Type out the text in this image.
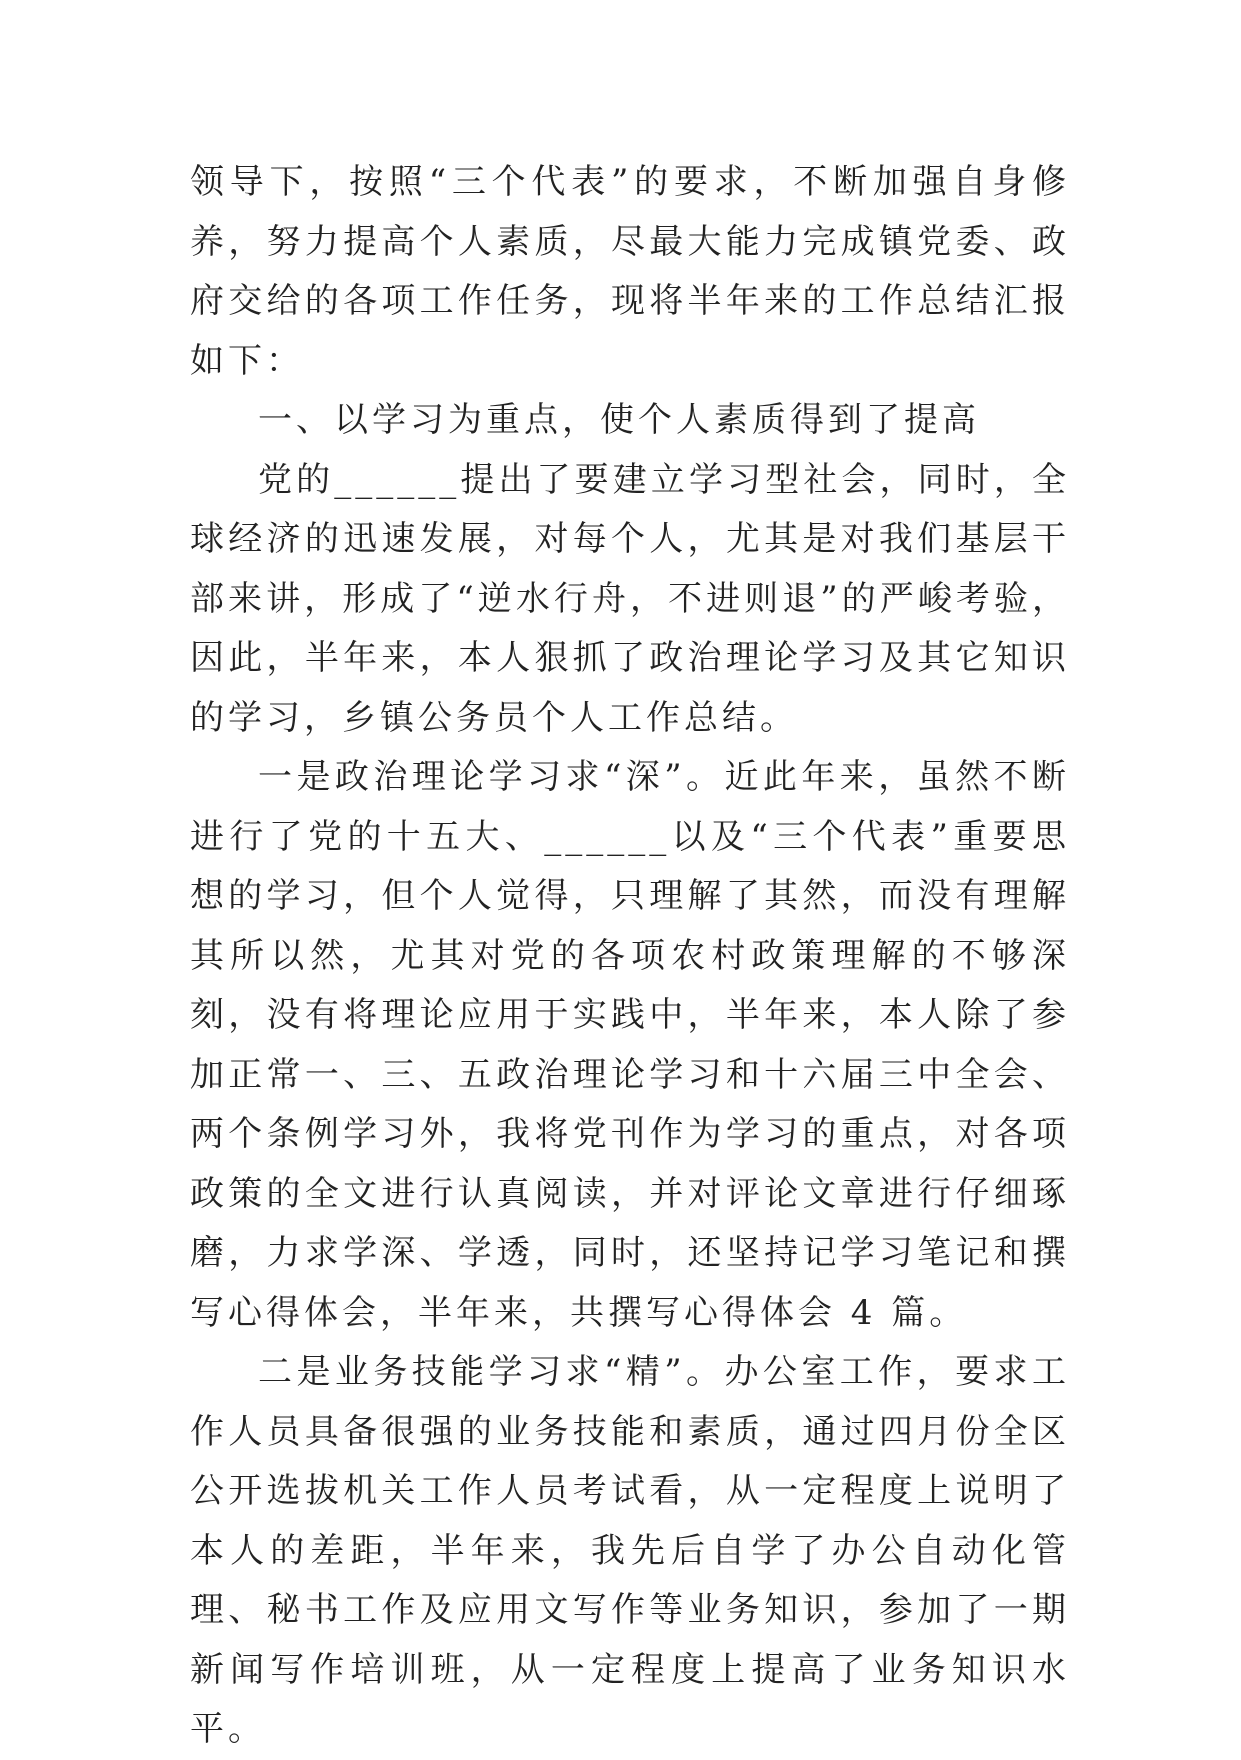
领导下，按照“三个代表”的要求，不断加强自身修养，努力提高个人素质，尽最大能力完成镇党委、政府交给的各项工作任务，现将半年来的工作总结汇报如下：

一、以学习为重点，使个人素质得到了提高

党的______提出了要建立学习型社会，同时，全球经济的迅速发展，对每个人，尤其是对我们基层干部来讲，形成了“逆水行舟，不进则退”的严峻考验，因此，半年来，本人狠抓了政治理论学习及其它知识的学习，乡镇公务员个人工作总结。

一是政治理论学习求“深”。近此年来，虽然不断进行了党的十五大、______以及“三个代表”重要思想的学习，但个人觉得，只理解了其然，而没有理解其所以然，尤其对党的各项农村政策理解的不够深刻，没有将理论应用于实践中，半年来，本人除了参加正常一、三、五政治理论学习和十六届三中全会、两个条例学习外，我将党刊作为学习的重点，对各项政策的全文进行认真阅读，并对评论文章进行仔细琢磨，力求学深、学透，同时，还坚持记学习笔记和撰写心得体会，半年来，共撰写心得体会 4 篇。

二是业务技能学习求“精”。办公室工作，要求工作人员具备很强的业务技能和素质，通过四月份全区公开选拔机关工作人员考试看，从一定程度上说明了本人的差距，半年来，我先后自学了办公自动化管理、秘书工作及应用文写作等业务知识，参加了一期新闻写作培训班，从一定程度上提高了业务知识水平。
